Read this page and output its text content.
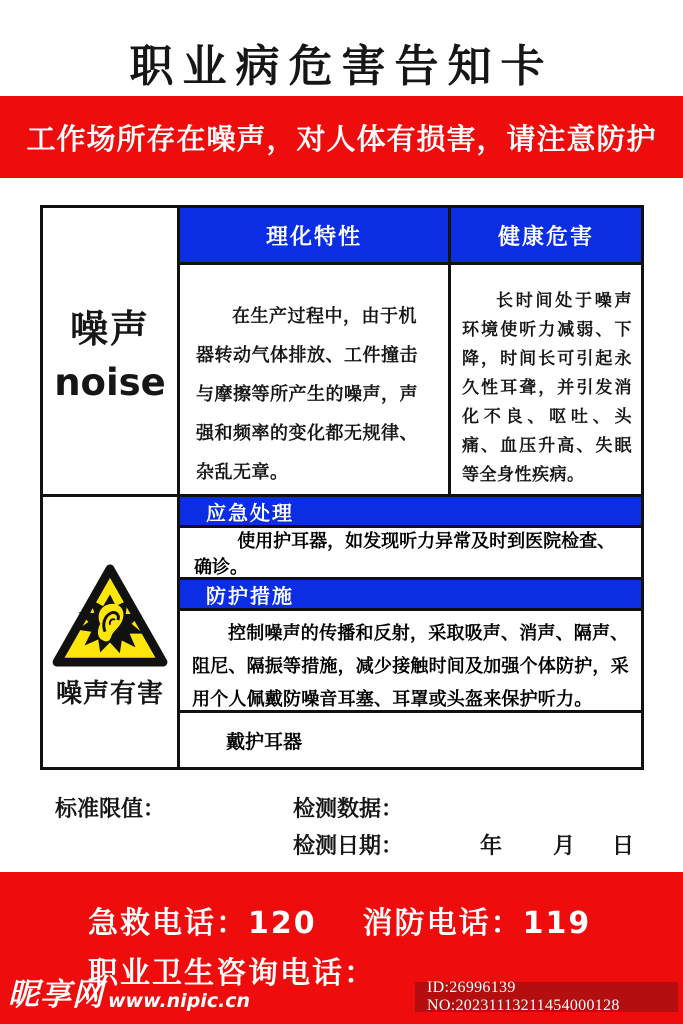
职业病危害告知卡
工作场所存在噪声，对人体有损害，请注意防护
噪声
noise
理化特性	健康危害
在生产过程中，由于机器转动气体排放、工件撞击与摩擦等所产生的噪声，声强和频率的变化都无规律、杂乱无章。
长时间处于噪声环境使听力减弱、下降，时间长可引起永久性耳聋，并引发消化不良、呕吐、头痛、血压升高、失眠等全身性疾病。
噪声有害
应急处理
使用护耳器，如发现听力异常及时到医院检查、确诊。
防护措施
控制噪声的传播和反射，采取吸声、消声、隔声、阻尼、隔振等措施，减少接触时间及加强个体防护，采用个人佩戴防噪音耳塞、耳罩或头盔来保护听力。
戴护耳器
标准限值：	检测数据：
检测日期：	年 月 日
急救电话：120 消防电话：119
职业卫生咨询电话：
昵享网 www.nipic.cn
ID:26996139 NO:20231113211454000128
